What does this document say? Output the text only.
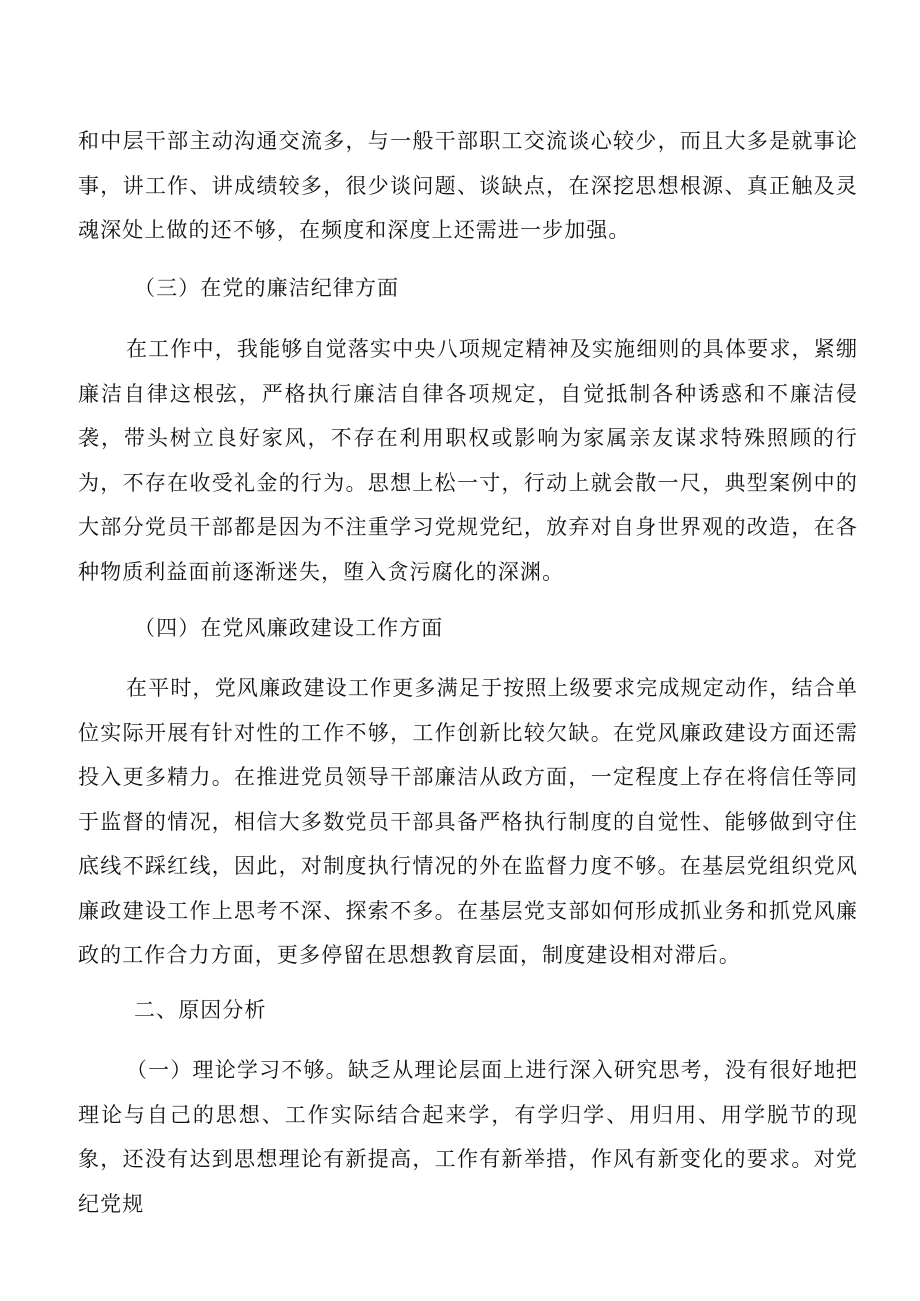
和中层干部主动沟通交流多，与一般干部职工交流谈心较少，而且大多是就事论事，讲工作、讲成绩较多，很少谈问题、谈缺点，在深挖思想根源、真正触及灵魂深处上做的还不够，在频度和深度上还需进一步加强。

（三）在党的廉洁纪律方面

在工作中，我能够自觉落实中央八项规定精神及实施细则的具体要求，紧绷廉洁自律这根弦，严格执行廉洁自律各项规定，自觉抵制各种诱惑和不廉洁侵袭，带头树立良好家风，不存在利用职权或影响为家属亲友谋求特殊照顾的行为，不存在收受礼金的行为。思想上松一寸，行动上就会散一尺，典型案例中的大部分党员干部都是因为不注重学习党规党纪，放弃对自身世界观的改造，在各种物质利益面前逐渐迷失，堕入贪污腐化的深渊。

（四）在党风廉政建设工作方面

在平时，党风廉政建设工作更多满足于按照上级要求完成规定动作，结合单位实际开展有针对性的工作不够，工作创新比较欠缺。在党风廉政建设方面还需投入更多精力。在推进党员领导干部廉洁从政方面，一定程度上存在将信任等同于监督的情况，相信大多数党员干部具备严格执行制度的自觉性、能够做到守住底线不踩红线，因此，对制度执行情况的外在监督力度不够。在基层党组织党风廉政建设工作上思考不深、探索不多。在基层党支部如何形成抓业务和抓党风廉政的工作合力方面，更多停留在思想教育层面，制度建设相对滞后。

二、原因分析

（一）理论学习不够。缺乏从理论层面上进行深入研究思考，没有很好地把理论与自己的思想、工作实际结合起来学，有学归学、用归用、用学脱节的现象，还没有达到思想理论有新提高，工作有新举措，作风有新变化的要求。对党纪党规
